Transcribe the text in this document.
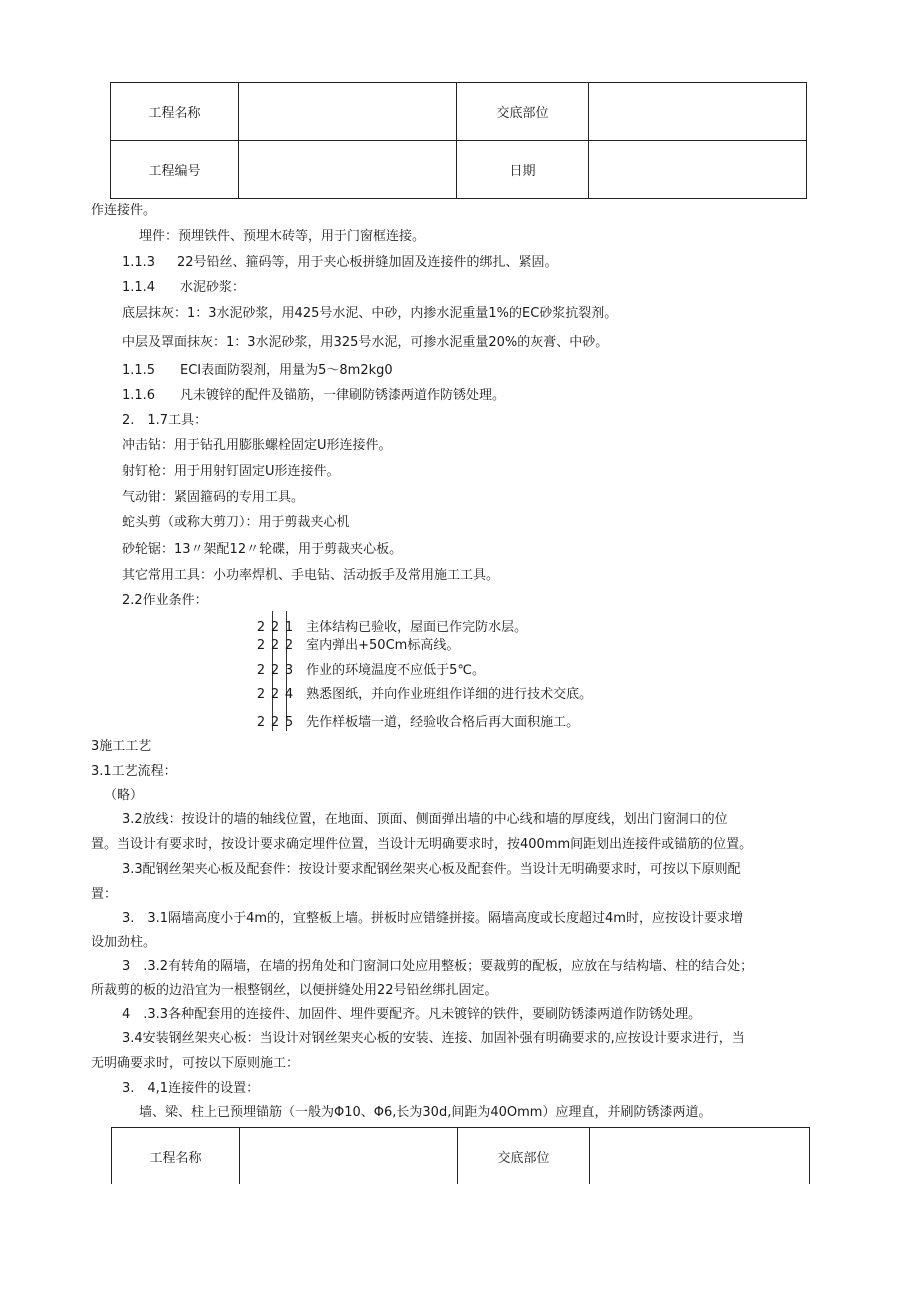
工程名称		交底部位	
工程编号		日期	
作连接件。
埋件：预埋铁件、预埋木砖等，用于门窗框连接。
1.1.3 22号铅丝、箍码等，用于夹心板拼缝加固及连接件的绑扎、紧固。
1.1.4 水泥砂浆：
底层抹灰：1：3水泥砂浆，用425号水泥、中砂，内掺水泥重量1%的EC砂浆抗裂剂。
中层及罩面抹灰：1：3水泥砂浆，用325号水泥，可掺水泥重量20%的灰膏、中砂。
1.1.5 ECI表面防裂剂，用量为5～8m2kg0
1.1.6 凡未镀锌的配件及锚筋，一律刷防锈漆两道作防锈处理。
2.　1.7工具：
冲击钻：用于钻孔用膨胀螺栓固定U形连接件。
射钉枪：用于用射钉固定U形连接件。
气动钳：紧固箍码的专用工具。
蛇头剪（或称大剪刀）：用于剪裁夹心机
砂轮锯：13〃架配12〃轮碟，用于剪裁夹心板。
其它常用工具：小功率焊机、手电钻、活动扳手及常用施工工具。
2.2作业条件：
2 2 1 主体结构已验收，屋面已作完防水层。
2 2 2 室内弹出+50Cm标高线。
2 2 3 作业的环境温度不应低于5℃。
2 2 4 熟悉图纸，并向作业班组作详细的进行技术交底。
2 2 5 先作样板墙一道，经验收合格后再大面积施工。
3施工工艺
3.1工艺流程：
（略）
3.2放线：按设计的墙的轴线位置，在地面、顶面、侧面弹出墙的中心线和墙的厚度线，划出门窗洞口的位
置。当设计有要求时，按设计要求确定埋件位置，当设计无明确要求时，按400mm间距划出连接件或锚筋的位置。
3.3配钢丝架夹心板及配套件：按设计要求配钢丝架夹心板及配套件。当设计无明确要求时，可按以下原则配
置：
3.　3.1隔墙高度小于4m的，宜整板上墙。拼板时应错缝拼接。隔墙高度或长度超过4m时，应按设计要求增
设加劲柱。
3　.3.2有转角的隔墙，在墙的拐角处和门窗洞口处应用整板；要裁剪的配板，应放在与结构墙、柱的结合处；
所裁剪的板的边沿宜为一根整钢丝，以便拼缝处用22号铅丝绑扎固定。
4　.3.3各种配套用的连接件、加固件、埋件要配齐。凡未镀锌的铁件，要刷防锈漆两道作防锈处理。
3.4安装钢丝架夹心板：当设计对钢丝架夹心板的安装、连接、加固补强有明确要求的,应按设计要求进行，当
无明确要求时，可按以下原则施工：
3.　4,1连接件的设置：
墙、梁、柱上已预埋锚筋（一般为Φ10、Φ6,长为30d,间距为40Omm）应理直，并刷防锈漆两道。
工程名称		交底部位	
